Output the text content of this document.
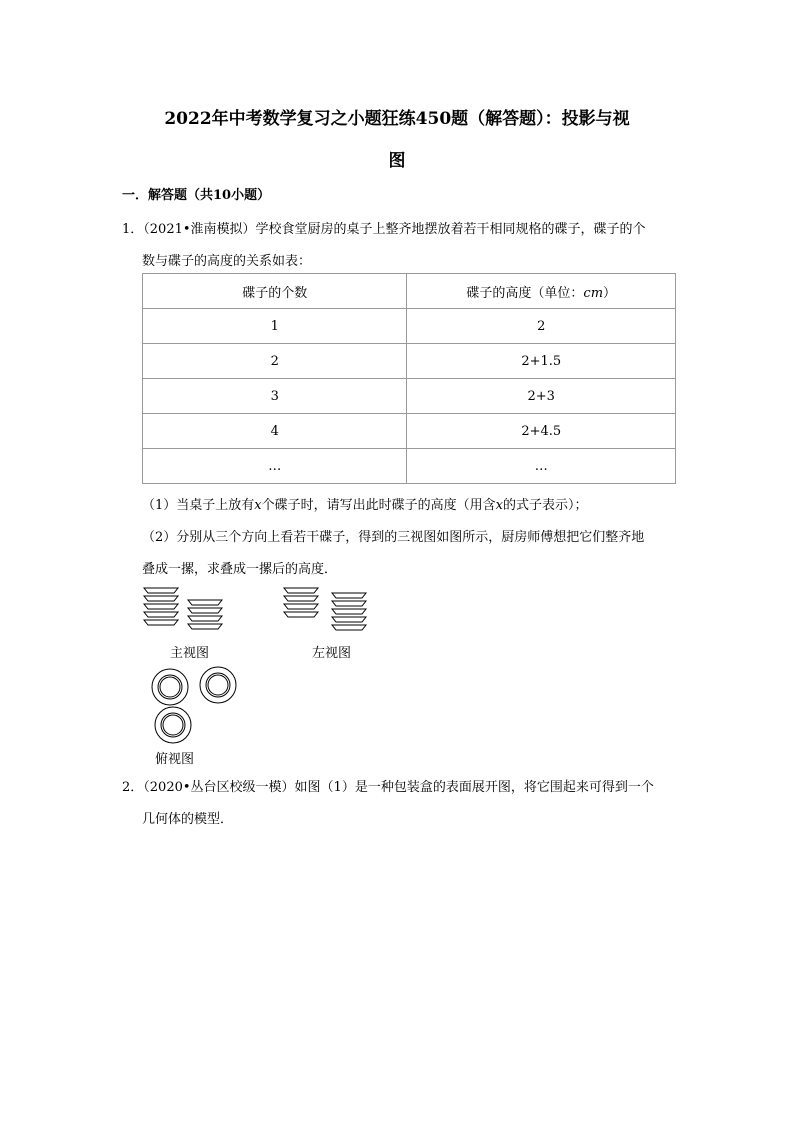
2022年中考数学复习之小题狂练450题（解答题）：投影与视
图
一．解答题（共10小题）
1．（2021•淮南模拟）学校食堂厨房的桌子上整齐地摆放着若干相同规格的碟子，碟子的个
数与碟子的高度的关系如表：
碟子的个数	碟子的高度（单位：cm）
1	2
2	2+1.5
3	2+3
4	2+4.5
…	…
（1）当桌子上放有x个碟子时，请写出此时碟子的高度（用含x的式子表示）；
（2）分别从三个方向上看若干碟子，得到的三视图如图所示，厨房师傅想把它们整齐地
叠成一摞，求叠成一摞后的高度．
主视图	左视图
俯视图
2．（2020•丛台区校级一模）如图（1）是一种包装盒的表面展开图，将它围起来可得到一个
几何体的模型．
